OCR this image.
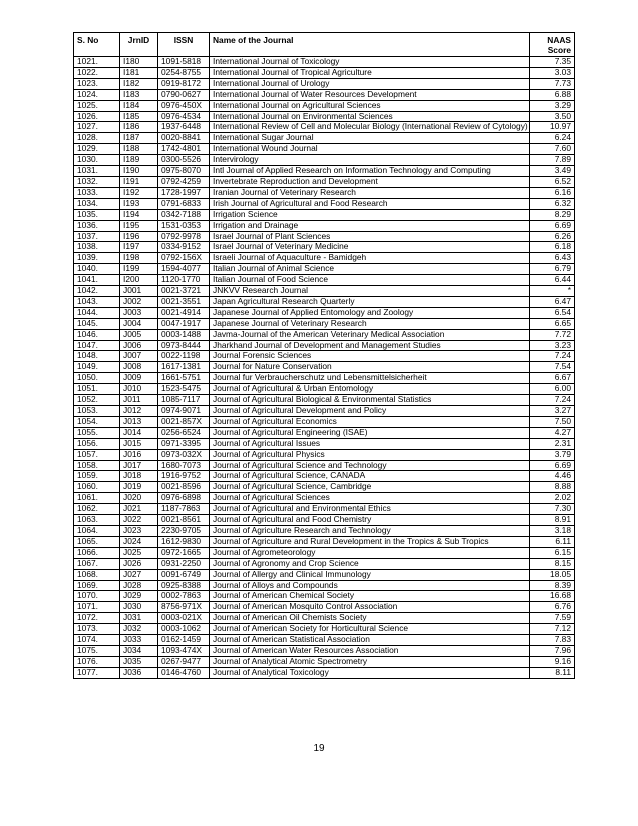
S. No	JrnID	ISSN	Name of the Journal	NAAS
Score

1021.	I180	1091-5818	International Journal of Toxicology	7.35
1022.	I181	0254-8755	International Journal of Tropical Agriculture	3.03
1023.	I182	0919-8172	International Journal of Urology	7.73
1024.	I183	0790-0627	International Journal of Water Resources Development	6.88
1025.	I184	0976-450X	International Journal on Agricultural Sciences	3.29
1026.	I185	0976-4534	International Journal on Environmental Sciences	3.50
1027.	I186	1937-6448	International Review of Cell and Molecular Biology (International Review of Cytology)	10.97
1028.	I187	0020-8841	International Sugar Journal	6.24
1029.	I188	1742-4801	International Wound Journal	7.60
1030.	I189	0300-5526	Intervirology	7.89
1031.	I190	0975-8070	Intl Journal of Applied Research on Information Technology and Computing	3.49
1032.	I191	0792-4259	Invertebrate Reproduction and Development	6.52
1033.	I192	1728-1997	Iranian Journal of Veterinary Research	6.16
1034.	I193	0791-6833	Irish Journal of Agricultural and Food Research	6.32
1035.	I194	0342-7188	Irrigation Science	8.29
1036.	I195	1531-0353	Irrigation and Drainage	6.69
1037.	I196	0792-9978	Israel Journal of Plant Sciences	6.26
1038.	I197	0334-9152	Israel Journal of Veterinary Medicine	6.18
1039.	I198	0792-156X	Israeli Journal of Aquaculture - Bamidgeh	6.43
1040.	I199	1594-4077	Italian Journal of Animal Science	6.79
1041.	I200	1120-1770	Italian Journal of Food Science	6.44
1042.	J001	0021-3721	JNKVV Research Journal	*
1043.	J002	0021-3551	Japan Agricultural Research Quarterly	6.47
1044.	J003	0021-4914	Japanese Journal of Applied Entomology and Zoology	6.54
1045.	J004	0047-1917	Japanese Journal of Veterinary Research	6.65
1046.	J005	0003-1488	Javma-Journal of the American Veterinary Medical Association	7.72
1047.	J006	0973-8444	Jharkhand Journal of Development and Management Studies	3.23
1048.	J007	0022-1198	Journal Forensic Sciences	7.24
1049.	J008	1617-1381	Journal for Nature Conservation	7.54
1050.	J009	1661-5751	Journal fur Verbraucherschutz und Lebensmittelsicherheit	6.67
1051.	J010	1523-5475	Journal of Agricultural & Urban Entomology	6.00
1052.	J011	1085-7117	Journal of Agricultural Biological & Environmental Statistics	7.24
1053.	J012	0974-9071	Journal of Agricultural Development and Policy	3.27
1054.	J013	0021-857X	Journal of Agricultural Economics	7.50
1055.	J014	0256-6524	Journal of Agricultural Engineering (ISAE)	4.27
1056.	J015	0971-3395	Journal of Agricultural Issues	2.31
1057.	J016	0973-032X	Journal of Agricultural Physics	3.79
1058.	J017	1680-7073	Journal of Agricultural Science and Technology	6.69
1059.	J018	1916-9752	Journal of Agricultural Science, CANADA	4.46
1060.	J019	0021-8596	Journal of Agricultural Science, Cambridge	8.88
1061.	J020	0976-6898	Journal of Agricultural Sciences	2.02
1062.	J021	1187-7863	Journal of Agricultural and Environmental Ethics	7.30
1063.	J022	0021-8561	Journal of Agricultural and Food Chemistry	8.91
1064.	J023	2230-9705	Journal of Agriculture Research and Technology	3.18
1065.	J024	1612-9830	Journal of Agriculture and Rural Development in the Tropics & Sub Tropics	6.11
1066.	J025	0972-1665	Journal of Agrometeorology	6.15
1067.	J026	0931-2250	Journal of Agronomy and Crop Science	8.15
1068.	J027	0091-6749	Journal of Allergy and Clinical Immunology	18.05
1069.	J028	0925-8388	Journal of Alloys and Compounds	8.39
1070.	J029	0002-7863	Journal of American Chemical Society	16.68
1071.	J030	8756-971X	Journal of American Mosquito Control Association	6.76
1072.	J031	0003-021X	Journal of American Oil Chemists Society	7.59
1073.	J032	0003-1062	Journal of American Society for Horticultural Science	7.12
1074.	J033	0162-1459	Journal of American Statistical Association	7.83
1075.	J034	1093-474X	Journal of American Water Resources Association	7.96
1076.	J035	0267-9477	Journal of Analytical Atomic Spectrometry	9.16
1077.	J036	0146-4760	Journal of Analytical Toxicology	8.11
19
